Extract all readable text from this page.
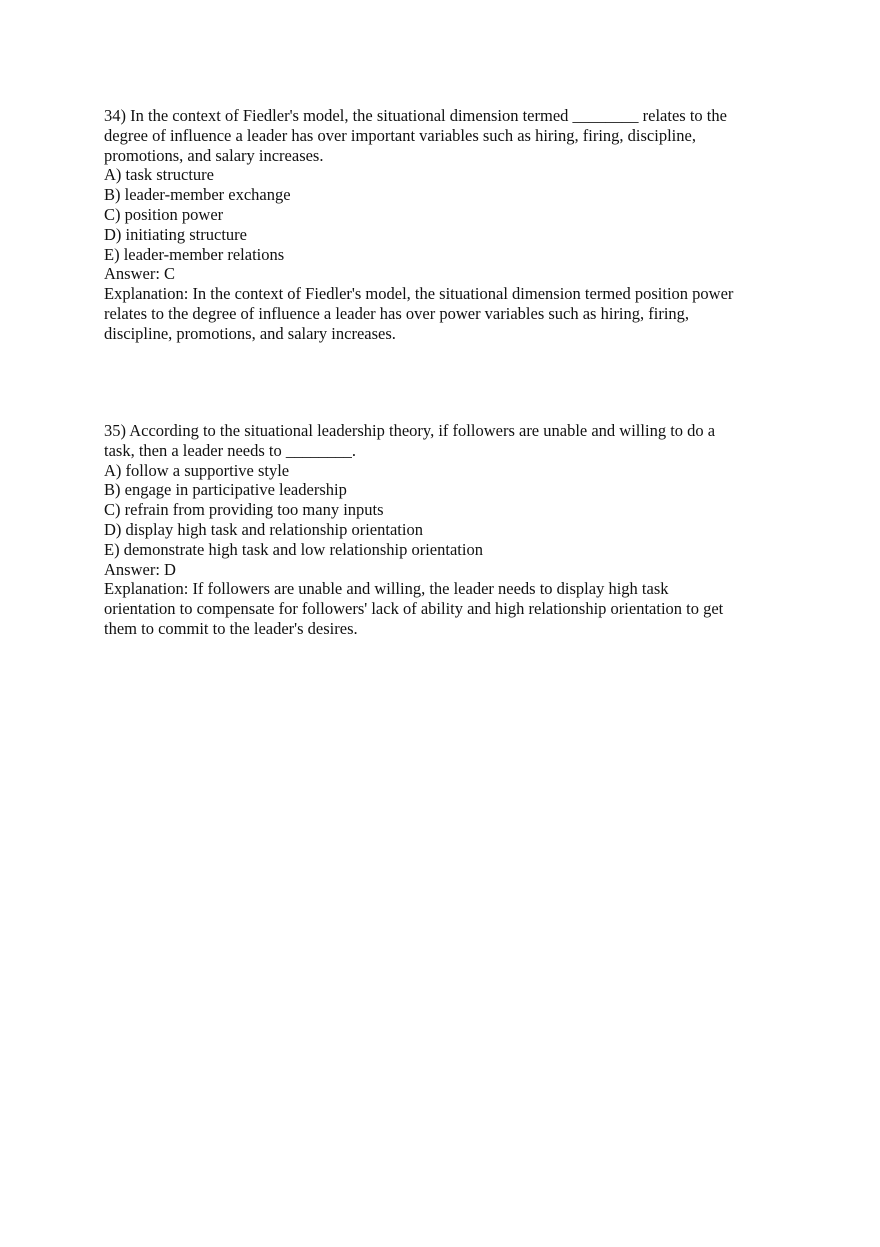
34) In the context of Fiedler's model, the situational dimension termed ________ relates to the
degree of influence a leader has over important variables such as hiring, firing, discipline,
promotions, and salary increases.
A) task structure
B) leader-member exchange
C) position power
D) initiating structure
E) leader-member relations
Answer: C
Explanation: In the context of Fiedler's model, the situational dimension termed position power
relates to the degree of influence a leader has over power variables such as hiring, firing,
discipline, promotions, and salary increases.
35) According to the situational leadership theory, if followers are unable and willing to do a
task, then a leader needs to ________.
A) follow a supportive style
B) engage in participative leadership
C) refrain from providing too many inputs
D) display high task and relationship orientation
E) demonstrate high task and low relationship orientation
Answer: D
Explanation: If followers are unable and willing, the leader needs to display high task
orientation to compensate for followers' lack of ability and high relationship orientation to get
them to commit to the leader's desires.
